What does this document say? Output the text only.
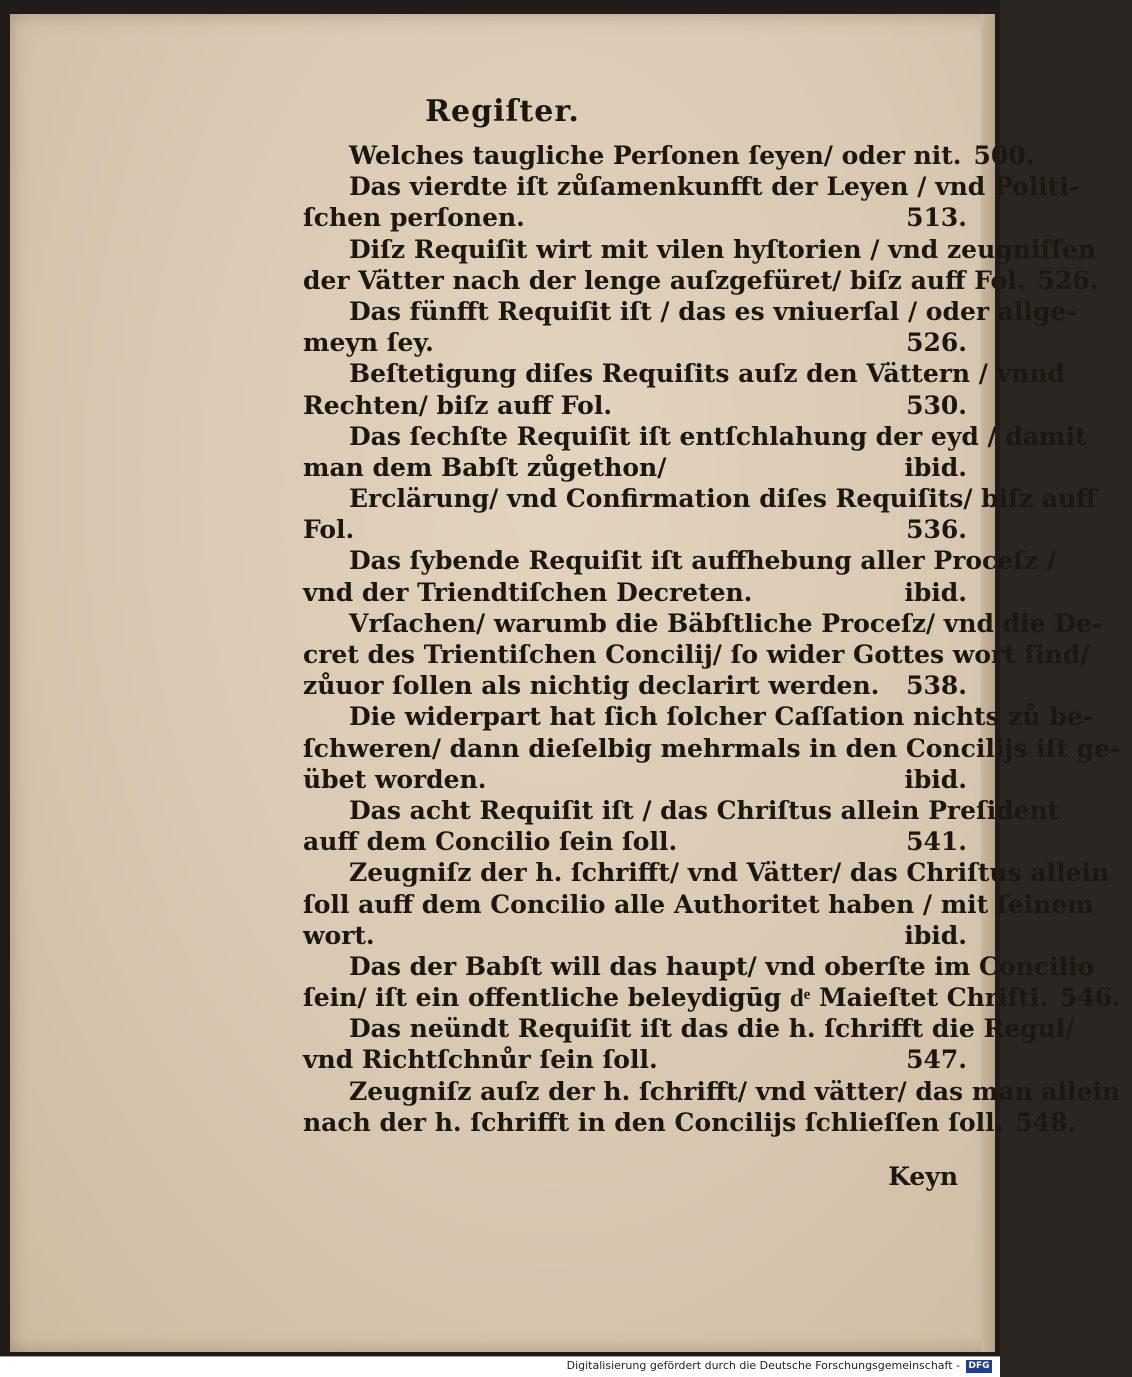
Regiſter.
Welches taugliche Perſonen ſeyen/ oder nit. 500.
Das vierdte iſt zůſamenkunfft der Leyen / vnd Politi-
ſchen perſonen.	513.
Diſz Requiſit wirt mit vilen hyſtorien / vnd zeugniſſen
der Vätter nach der lenge auſzgefüret/ biſz auff Fol. 526.
Das fünfft Requiſit iſt / das es vniuerſal / oder allge-
meyn ſey.	526.
Beſtetigung diſes Requiſits auſz den Vättern / vnnd
Rechten/ biſz auff Fol.	530.
Das ſechſte Requiſit iſt entſchlahung der eyd / damit
man dem Babſt zůgethon/	ibid.
Erclärung/ vnd Confirmation diſes Requiſits/ biſz auff
Fol.	536.
Das ſybende Requiſit iſt auffhebung aller Proceſz /
vnd der Triendtiſchen Decreten.	ibid.
Vrſachen/ warumb die Bäbſtliche Proceſz/ vnd die De-
cret des Trientiſchen Concilij/ ſo wider Gottes wort ſind/
zůuor ſollen als nichtig declarirt werden.	538.
Die widerpart hat ſich ſolcher Caſſation nichts zů be-
ſchweren/ dann dieſelbig mehrmals in den Concilijs iſt ge-
übet worden.	ibid.
Das acht Requiſit iſt / das Chriſtus allein Preſident
auff dem Concilio ſein ſoll.	541.
Zeugniſz der h. ſchrifft/ vnd Vätter/ das Chriſtus allein
ſoll auff dem Concilio alle Authoritet haben / mit ſeinem
wort.	ibid.
Das der Babſt will das haupt/ vnd oberſte im Concilio
ſein/ iſt ein offentliche beleydigūg dͤ Maieſtet Chriſti. 546.
Das neündt Requiſit iſt das die h. ſchrifft die Regul/
vnd Richtſchnůr ſein ſoll.	547.
Zeugniſz auſz der h. ſchrifft/ vnd vätter/ das man allein
nach der h. ſchrifft in den Concilijs ſchlieſſen ſoll. 548.
Keyn
Digitalisierung gefördert durch die Deutsche Forschungsgemeinschaft - DFG
